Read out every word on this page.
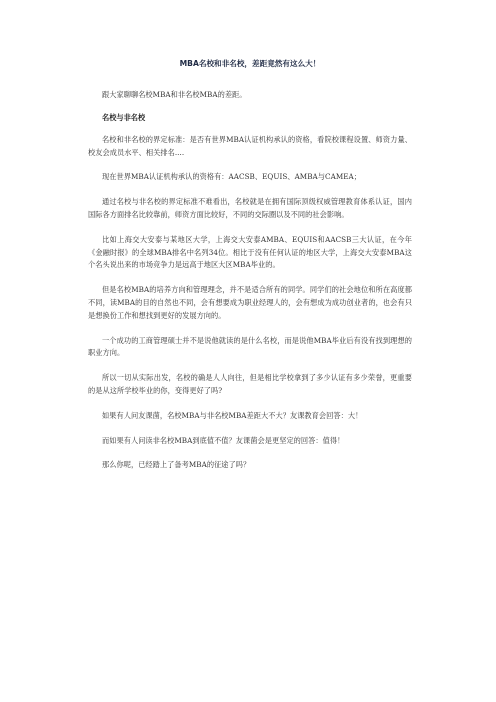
MBA名校和非名校，差距竟然有这么大！

跟大家聊聊名校MBA和非名校MBA的差距。

名校与非名校

名校和非名校的界定标准：是否有世界MBA认证机构承认的资格，看院校课程设置、师资力量、校友会成员水平、相关排名....

现在世界MBA认证机构承认的资格有：AACSB、EQUIS、AMBA与CAMEA；

通过名校与非名校的界定标准不难看出，名校就是在拥有国际顶级权威管理教育体系认证，国内国际各方面排名比较靠前，师资方面比较好，不同的交际圈以及不同的社会影响。

比如上海交大安泰与某地区大学，上海交大安泰AMBA、EQUIS和AACSB三大认证，在今年《金融时报》的全球MBA排名中名列34位。相比于没有任何认证的地区大学，上海交大安泰MBA这个名头说出来的市场竞争力是远高于地区大区MBA毕业的。

但是名校MBA的培养方向和管理理念，并不是适合所有的同学。同学们的社会地位和所在高度都不同，读MBA的目的自然也不同，会有想要成为职业经理人的，会有想成为成功创业者的，也会有只是想换份工作和想找到更好的发展方向的。

一个成功的工商管理硕士并不是说他就读的是什么名校，而是说他MBA毕业后有没有找到理想的职业方向。

所以一切从实际出发，名校的确是人人向往，但是相比学校拿到了多少认证有多少荣誉，更重要的是从这所学校毕业的你，变得更好了吗?

如果有人问友课菌，名校MBA与非名校MBA差距大不大？友课教育会回答：大！

而如果有人问读非名校MBA到底值不值？友课菌会是更坚定的回答：值得！

那么你呢，已经踏上了备考MBA的征途了吗？
